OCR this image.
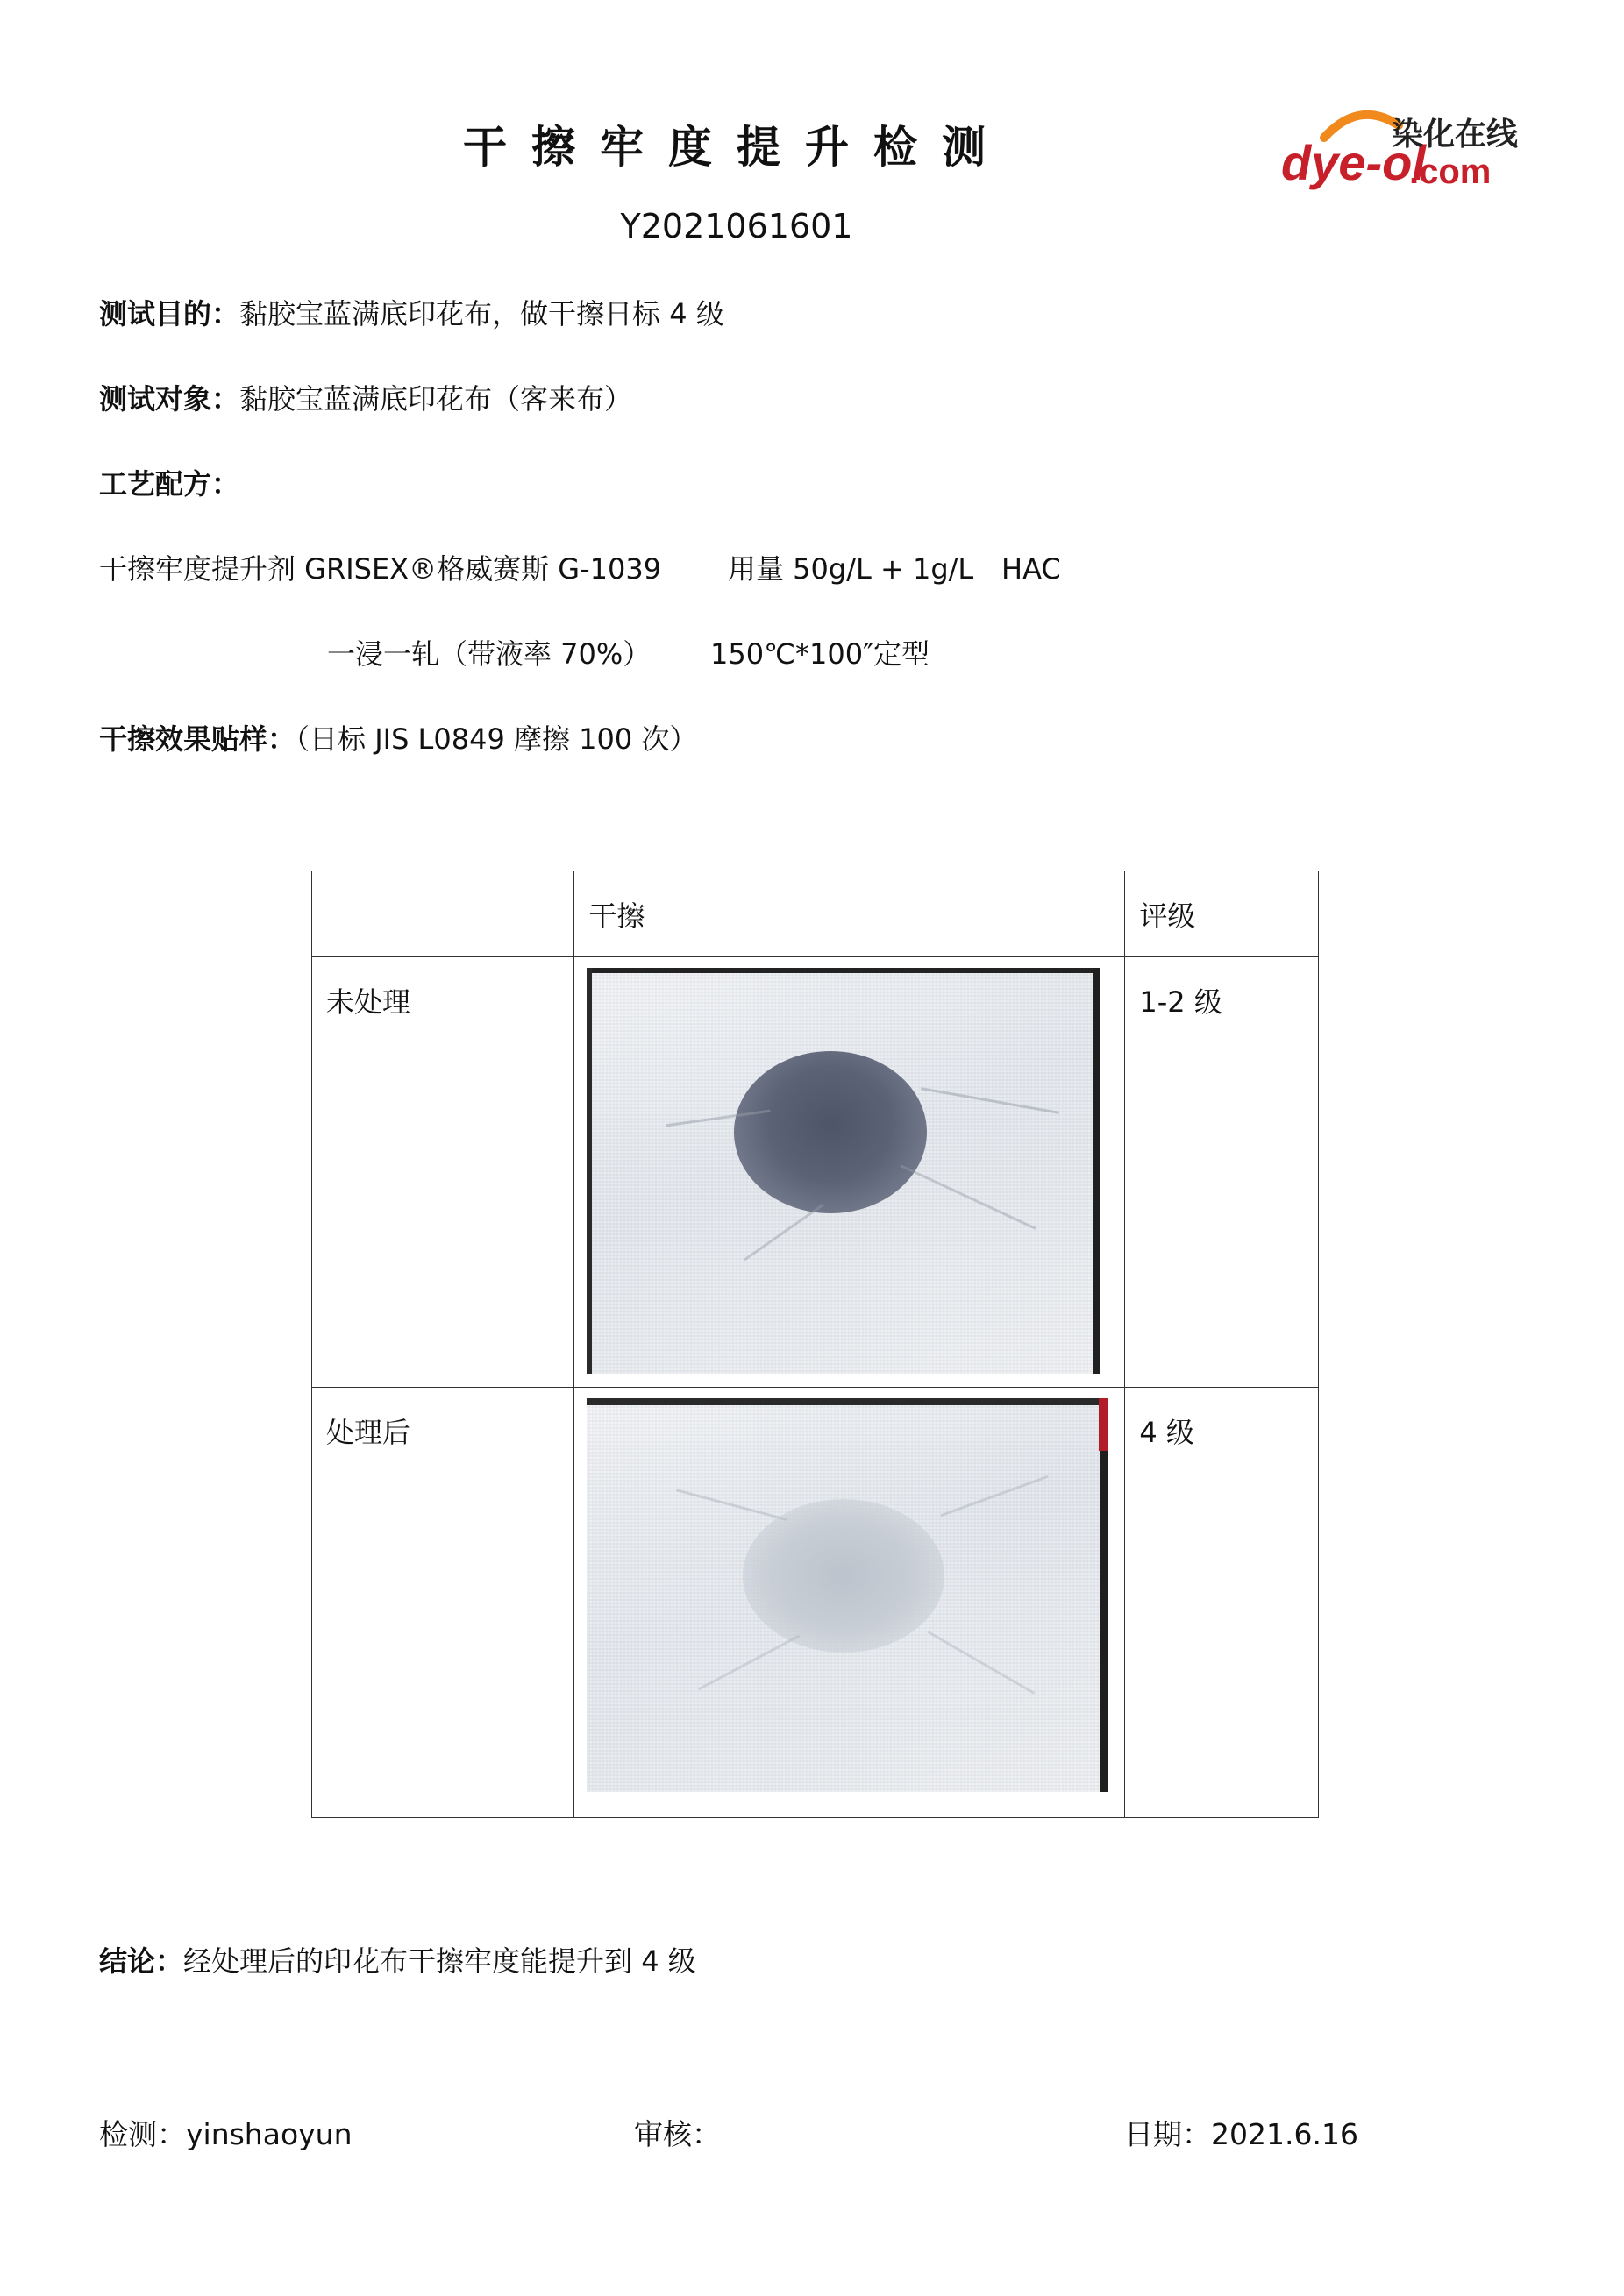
干擦牢度提升检测
Y2021061601
dye-ol
染化在线
.com
测试目的：黏胶宝蓝满底印花布，做干擦日标 4 级
测试对象：黏胶宝蓝满底印花布（客来布）
工艺配方：
干擦牢度提升剂 GRISEX®格威赛斯 G-1039 用量 50g/L + 1g/L HAC
一浸一轧（带液率 70%） 150℃*100″定型
干擦效果贴样：（日标 JIS L0849 摩擦 100 次）
	干擦	评级
未处理		1-2 级
处理后		4 级
结论：经处理后的印花布干擦牢度能提升到 4 级
检测：yinshaoyun	审核：	日期：2021.6.16
